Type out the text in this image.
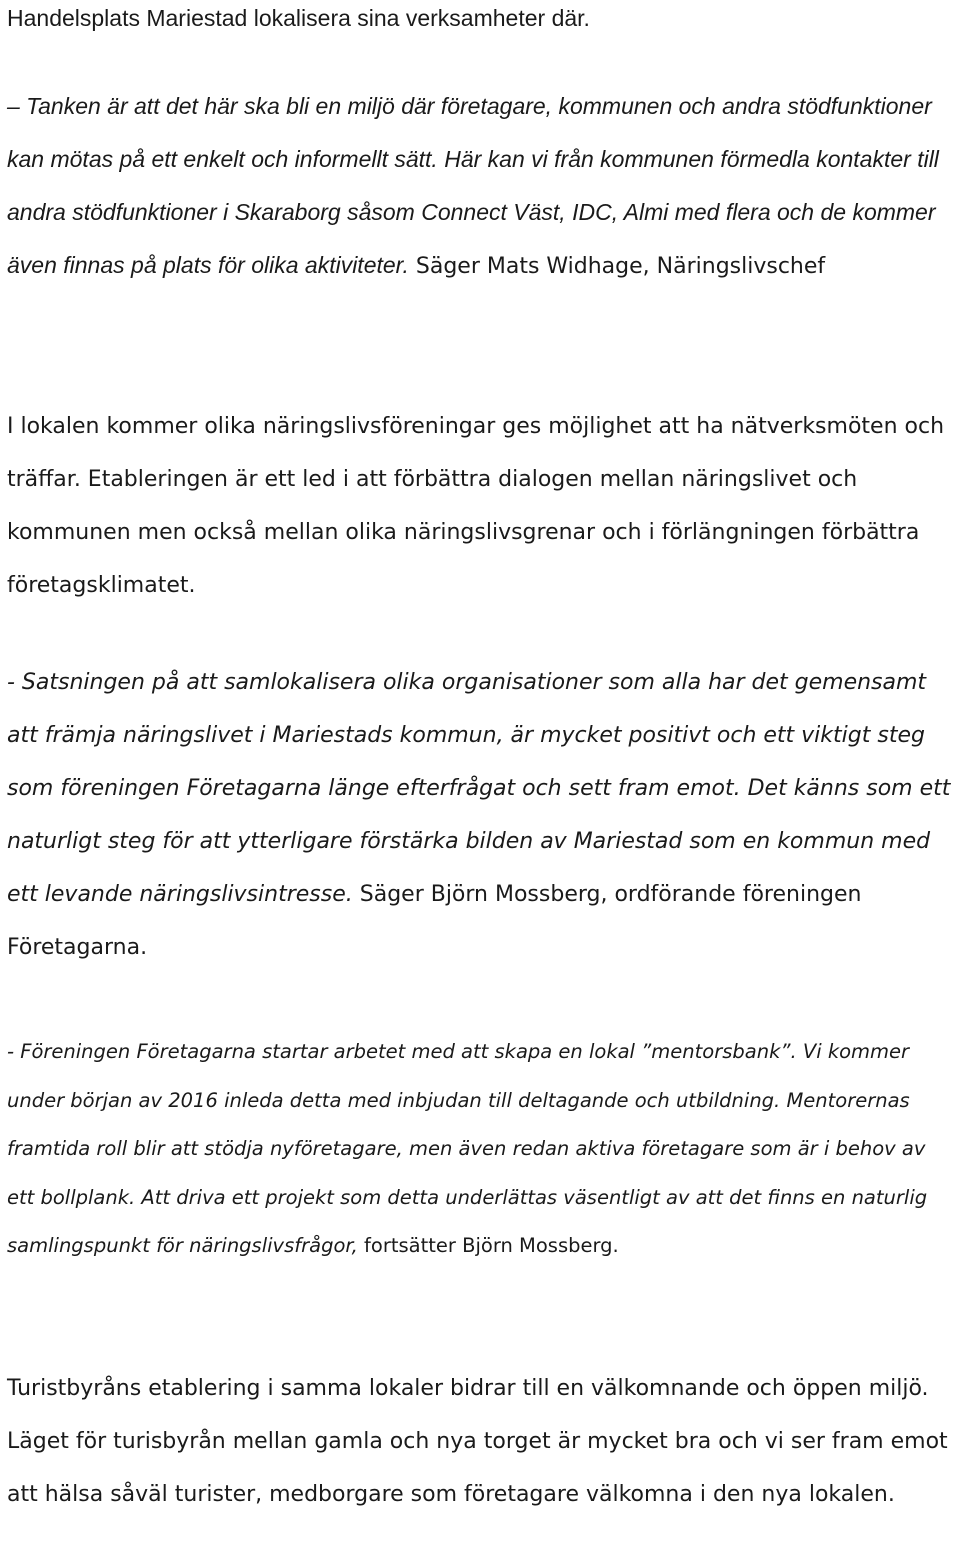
Handelsplats Mariestad lokalisera sina verksamheter där.

– Tanken är att det här ska bli en miljö där företagare, kommunen och andra stödfunktioner kan mötas på ett enkelt och informellt sätt. Här kan vi från kommunen förmedla kontakter till andra stödfunktioner i Skaraborg såsom Connect Väst, IDC, Almi med flera och de kommer även finnas på plats för olika aktiviteter. Säger Mats Widhage, Näringslivschef

I lokalen kommer olika näringslivsföreningar ges möjlighet att ha nätverksmöten och träffar. Etableringen är ett led i att förbättra dialogen mellan näringslivet och kommunen men också mellan olika näringslivsgrenar och i förlängningen förbättra företagsklimatet.

- Satsningen på att samlokalisera olika organisationer som alla har det gemensamt att främja näringslivet i Mariestads kommun, är mycket positivt och ett viktigt steg som föreningen Företagarna länge efterfrågat och sett fram emot. Det känns som ett naturligt steg för att ytterligare förstärka bilden av Mariestad som en kommun med ett levande näringslivsintresse. Säger Björn Mossberg, ordförande föreningen Företagarna.

- Föreningen Företagarna startar arbetet med att skapa en lokal ”mentorsbank”. Vi kommer under början av 2016 inleda detta med inbjudan till deltagande och utbildning. Mentorernas framtida roll blir att stödja nyföretagare, men även redan aktiva företagare som är i behov av ett bollplank. Att driva ett projekt som detta underlättas väsentligt av att det finns en naturlig samlingspunkt för näringslivsfrågor, fortsätter Björn Mossberg.

Turistbyråns etablering i samma lokaler bidrar till en välkomnande och öppen miljö. Läget för turisbyrån mellan gamla och nya torget är mycket bra och vi ser fram emot att hälsa såväl turister, medborgare som företagare välkomna i den nya lokalen.
